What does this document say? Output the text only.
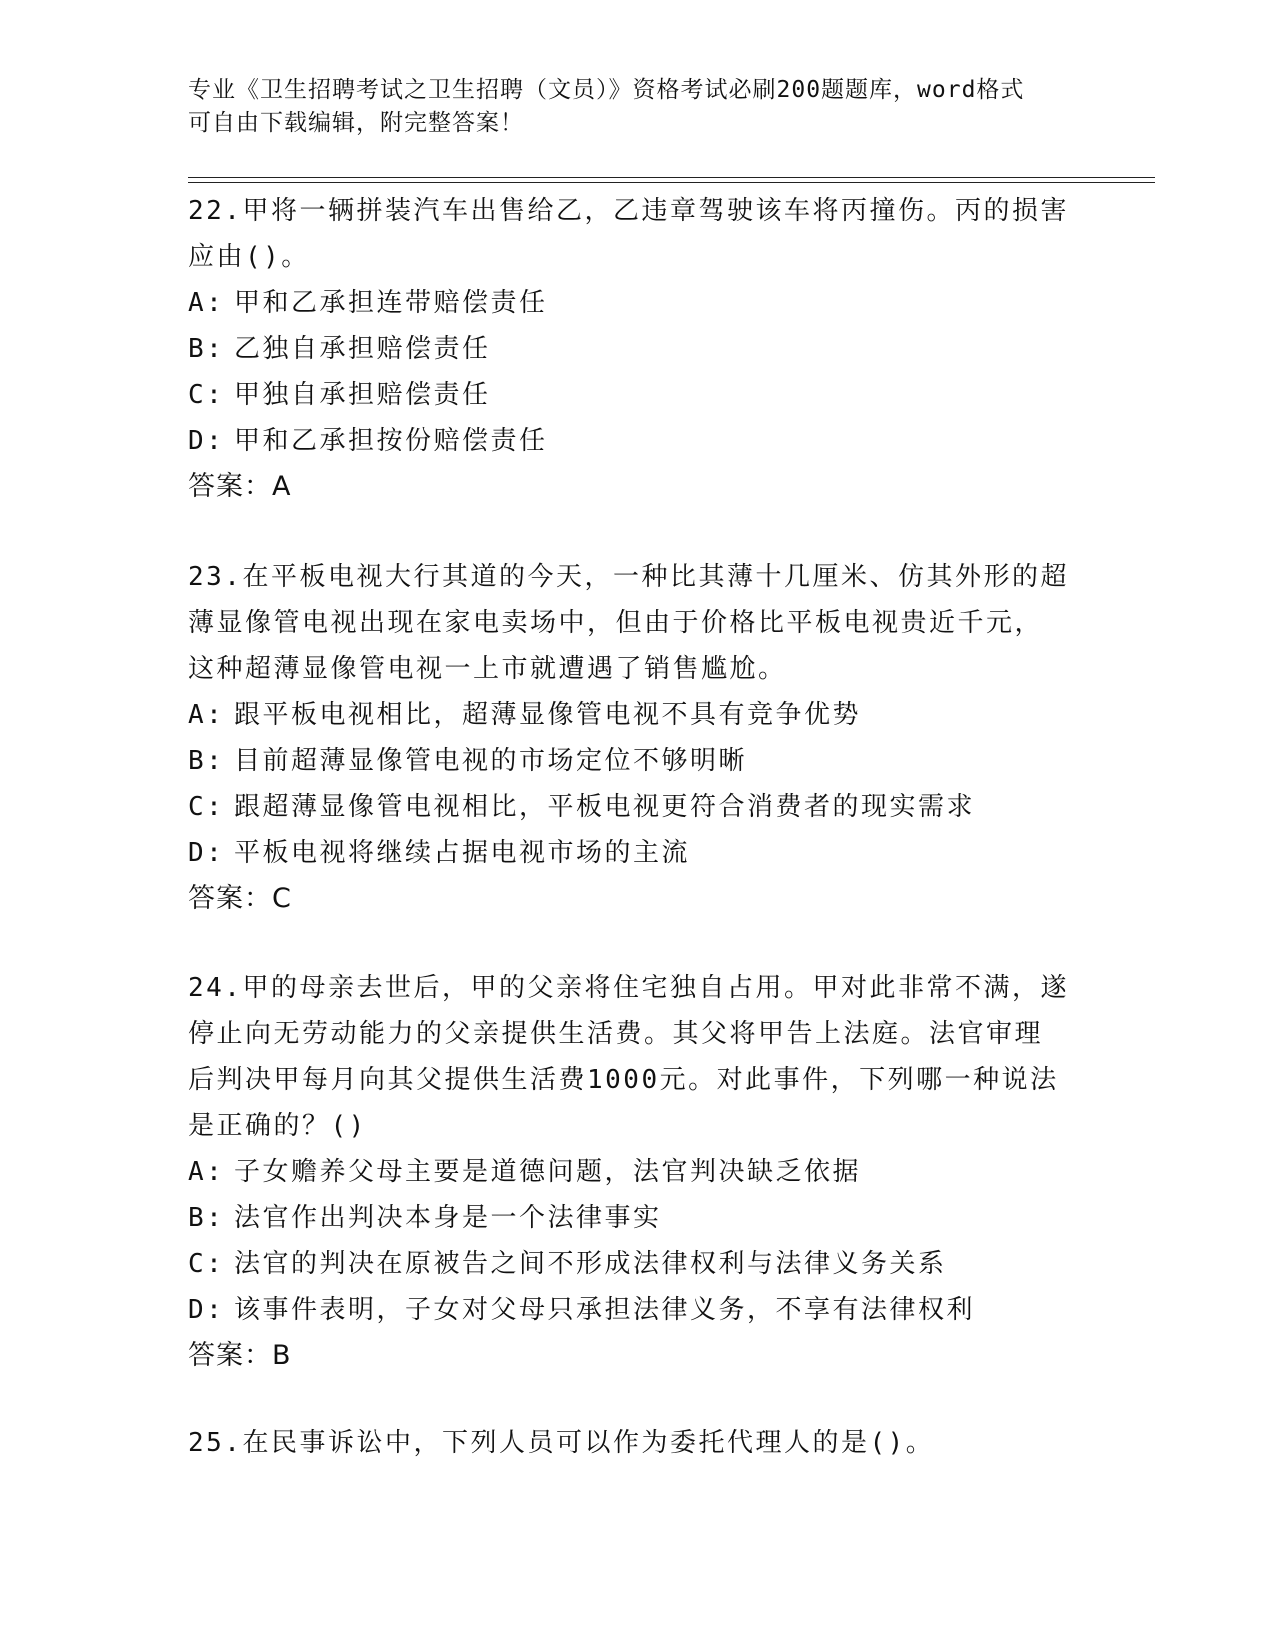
专业《卫生招聘考试之卫生招聘（文员）》资格考试必刷200题题库，word格式
可自由下载编辑，附完整答案！

22.甲将一辆拼装汽车出售给乙，乙违章驾驶该车将丙撞伤。丙的损害

应由()。

A: 甲和乙承担连带赔偿责任

B: 乙独自承担赔偿责任

C: 甲独自承担赔偿责任

D: 甲和乙承担按份赔偿责任

答案：A

23.在平板电视大行其道的今天，一种比其薄十几厘米、仿其外形的超

薄显像管电视出现在家电卖场中，但由于价格比平板电视贵近千元，

这种超薄显像管电视一上市就遭遇了销售尴尬。

A: 跟平板电视相比，超薄显像管电视不具有竞争优势

B: 目前超薄显像管电视的市场定位不够明晰

C: 跟超薄显像管电视相比，平板电视更符合消费者的现实需求

D: 平板电视将继续占据电视市场的主流

答案：C

24.甲的母亲去世后，甲的父亲将住宅独自占用。甲对此非常不满，遂

停止向无劳动能力的父亲提供生活费。其父将甲告上法庭。法官审理

后判决甲每月向其父提供生活费1000元。对此事件，下列哪一种说法

是正确的？()

A: 子女赡养父母主要是道德问题，法官判决缺乏依据

B: 法官作出判决本身是一个法律事实

C: 法官的判决在原被告之间不形成法律权利与法律义务关系

D: 该事件表明，子女对父母只承担法律义务，不享有法律权利

答案：B

25.在民事诉讼中，下列人员可以作为委托代理人的是()。
